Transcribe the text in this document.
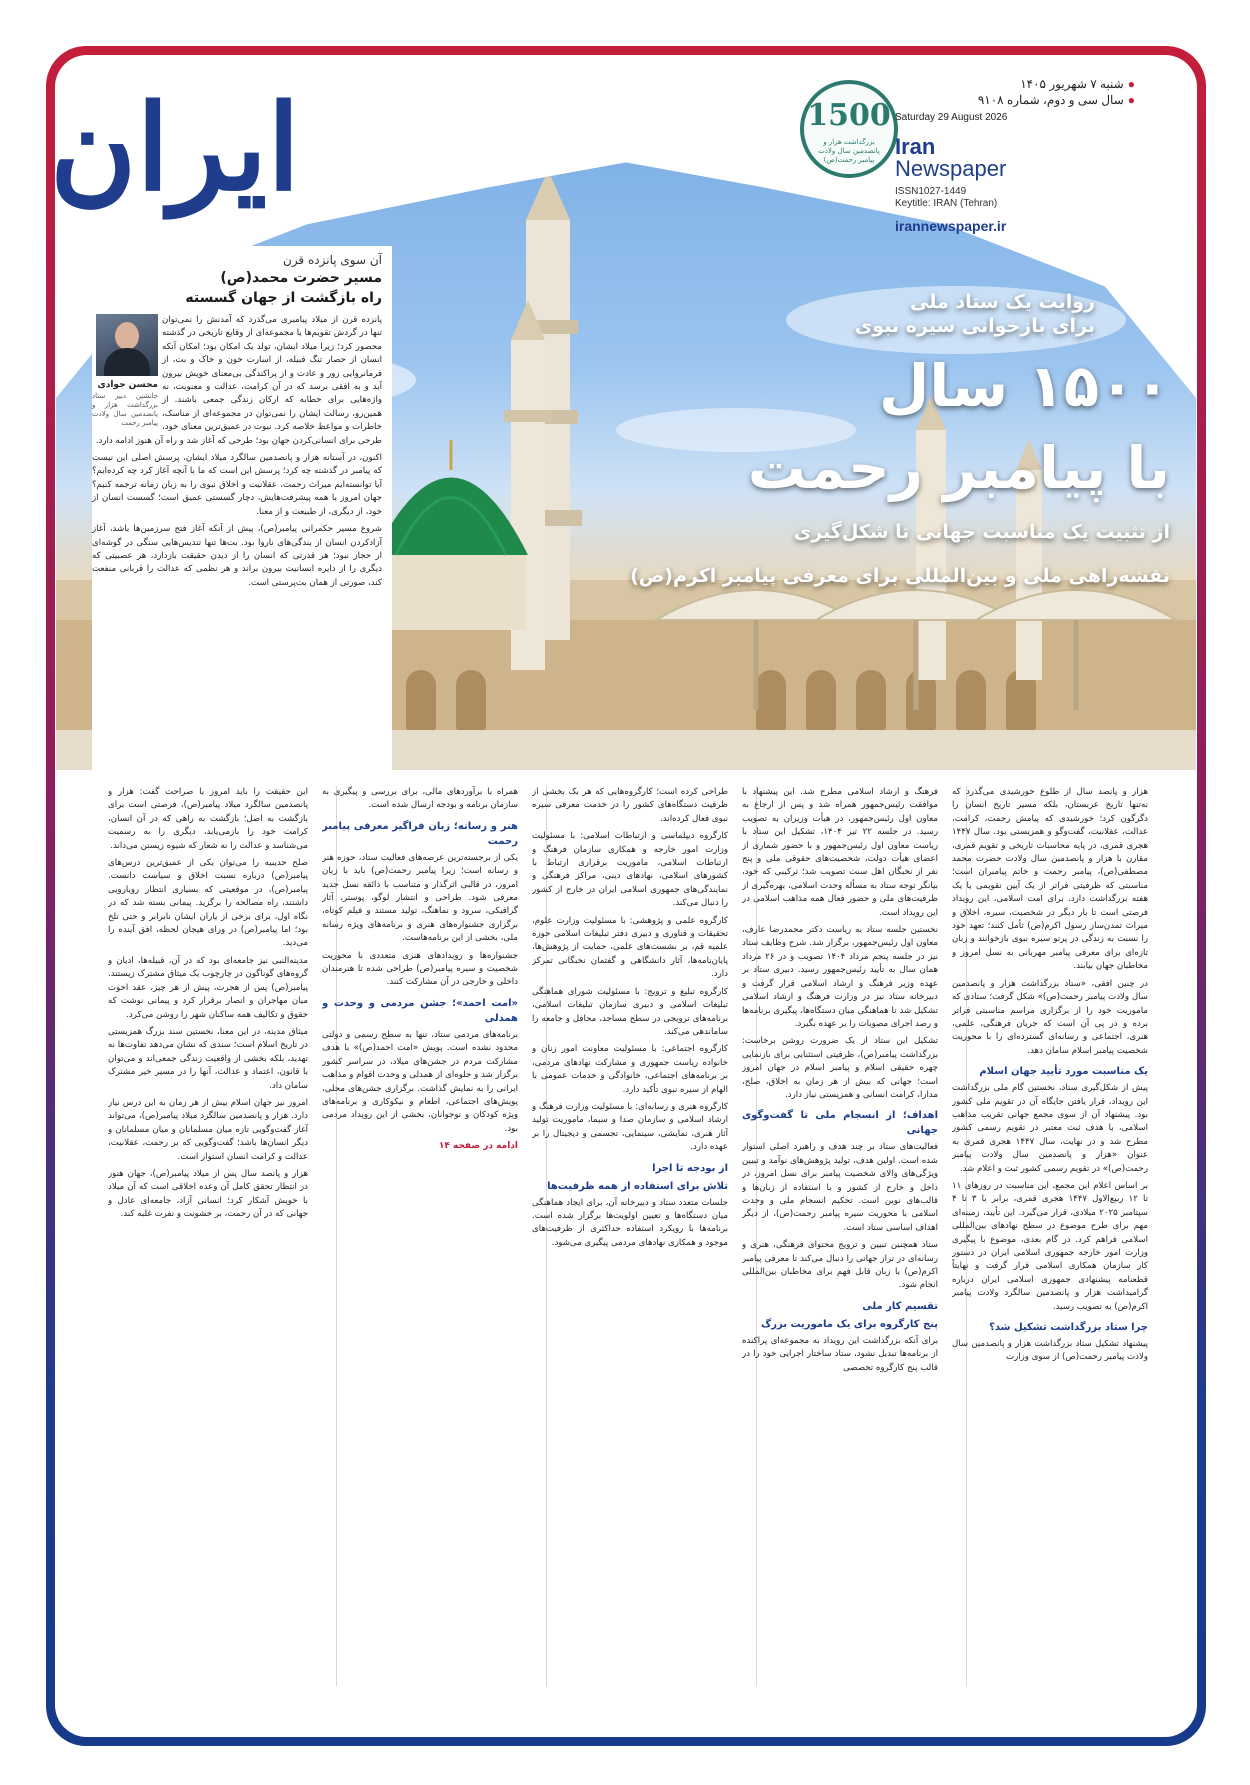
ایران	1500
بزرگداشت هزار و پانصدمین سال ولادت پیامبر رحمت(ص)
●شنبه ۷ شهریور ۱۴۰۵
●سال سی و دوم، شماره ۹۱۰۸
Saturday 29 August 2026
Iran
Newspaper
ISSN1027-1449
Keytitle: IRAN (Tehran)
irannewspaper.ir
روایت یک ستاد ملی
برای بازخوانی سیره نبوی
۱۵۰۰ سال
با پیامبر رحمت
از تثبیت یک مناسبت جهانی تا شکل‌گیری
نقشه‌راهی ملی و بین‌المللی برای معرفی پیامبر اکرم(ص)
آن سوی پانزده قرن
مسیر حضرت محمد(ص)
راه بازگشت از جهان گسسته
محسن جوادی
جانشین دبیر ستاد بزرگداشت هزار و پانصدمین سال ولادت پیامبر رحمت

پانزده قرن از میلاد پیامبری می‌گذرد که آمدنش را نمی‌توان تنها در گردش تقویم‌ها یا مجموعه‌ای از وقایع تاریخی در گذشته محصور کرد؛ زیرا میلاد ایشان، تولد یک امکان بود؛ امکان آنکه انسان از حصار تنگ قبیله، از اسارت خون و خاک و بت، از فرمانروایی زور و عادت و از پراکندگی بی‌معنای خویش بیرون آید و به افقی برسد که در آن کرامت، عدالت و معنویت، نه واژه‌هایی برای خطابه که ارکان زندگی جمعی باشند. از همین‌رو، رسالت ایشان را نمی‌توان در مجموعه‌ای از مناسک، خاطرات و مواعظ خلاصه کرد. نبوت در عمیق‌ترین معنای خود، طرحی برای انسانی‌کردن جهان بود؛ طرحی که آغاز شد و راه آن هنوز ادامه دارد.

اکنون، در آستانه هزار و پانصدمین سالگرد میلاد ایشان، پرسش اصلی این نیست که پیامبر در گذشته چه کرد؛ پرسش این است که ما با آنچه آغاز کرد چه کرده‌ایم؟ آیا توانسته‌ایم میراث رحمت، عقلانیت و اخلاق نبوی را به زبان زمانه ترجمه کنیم؟ جهان امروز با همه پیشرفت‌هایش، دچار گسستی عمیق است؛ گسست انسان از خود، از دیگری، از طبیعت و از معنا.

شروع مسیر حکمرانی پیامبر(ص)، پیش از آنکه آغاز فتح سرزمین‌ها باشد، آغاز آزادکردن انسان از بندگی‌های ناروا بود. بت‌ها تنها تندیس‌هایی سنگی در گوشه‌ای از حجاز نبود؛ هر قدرتی که انسان را از دیدن حقیقت بازدارد، هر عصبیتی که دیگری را از دایره انسانیت بیرون براند و هر نظمی که عدالت را قربانی منفعت کند، صورتی از همان بت‌پرستی است.

هزار و پانصد سال از طلوع خورشیدی می‌گذرد که نه‌تنها تاریخ عربستان، بلکه مسیر تاریخ انسان را دگرگون کرد؛ خورشیدی که پیامش رحمت، کرامت، عدالت، عقلانیت، گفت‌وگو و همزیستی بود. سال ۱۴۴۷ هجری قمری، در پایه محاسبات تاریخی و تقویم قمری، مقارن با هزار و پانصدمین سال ولادت حضرت محمد مصطفی(ص)، پیامبر رحمت و خاتم پیامبران است؛ مناسبتی که ظرفیتی فراتر از یک آیین تقویمی یا یک هفته بزرگداشت دارد. برای امت اسلامی، این رویداد فرصتی است تا بار دیگر در شخصیت، سیره، اخلاق و میراث تمدن‌ساز رسول اکرم(ص) تأمل کنند؛ تعهد خود را نسبت به زندگی در پرتو سیره نبوی بازخوانند و زبان تازه‌ای برای معرفی پیامبر مهربانی به نسل امروز و مخاطبان جهان بیابند.

در چنین افقی، «ستاد بزرگداشت هزار و پانصدمین سال ولادت پیامبر رحمت(ص)» شکل گرفت؛ ستادی که ماموریت خود را از برگزاری مراسم مناسبتی فراتر برده و در پی آن است که جریان فرهنگی، علمی، هنری، اجتماعی و رسانه‌ای گسترده‌ای را با محوریت شخصیت پیامبر اسلام سامان دهد.

یک مناسبت مورد تأیید جهان اسلام

پیش از شکل‌گیری ستاد، نخستین گام ملی بزرگداشت این رویداد، قرار یافتن جایگاه آن در تقویم ملی کشور بود. پیشنهاد آن از سوی مجمع جهانی تقریب مذاهب اسلامی، با هدف ثبت معتبر در تقویم رسمی کشور مطرح شد و در نهایت، سال ۱۴۴۷ هجری قمری به عنوان «هزار و پانصدمین سال ولادت پیامبر رحمت(ص)» در تقویم رسمی کشور ثبت و اعلام شد.

بر اساس اعلام این مجمع، این مناسبت در روزهای ۱۱ تا ۱۲ ربیع‌الاول ۱۴۴۷ هجری قمری، برابر با ۳ تا ۴ سپتامبر ۲۰۲۵ میلادی، قرار می‌گیرد. این تأیید، زمینه‌ای مهم برای طرح موضوع در سطح نهادهای بین‌المللی اسلامی فراهم کرد. در گام بعدی، موضوع با پیگیری وزارت امور خارجه جمهوری اسلامی ایران در دستور کار سازمان همکاری اسلامی قرار گرفت و نهایتاً قطعنامه پیشنهادی جمهوری اسلامی ایران درباره گرامیداشت هزار و پانصدمین سالگرد ولادت پیامبر اکرم(ص) به تصویب رسید.

چرا ستاد بزرگداشت تشکیل شد؟

پیشنهاد تشکیل ستاد بزرگداشت هزار و پانصدمین سال ولادت پیامبر رحمت(ص) از سوی وزارت

فرهنگ و ارشاد اسلامی مطرح شد. این پیشنهاد با موافقت رئیس‌جمهور همراه شد و پس از ارجاع به معاون اول رئیس‌جمهور، در هیأت وزیران به تصویب رسید. در جلسه ۲۲ تیر ۱۴۰۴، تشکیل این ستاد با ریاست معاون اول رئیس‌جمهور و با حضور شماری از اعضای هیأت دولت، شخصیت‌های حقوقی ملی و پنج نفر از نخبگان اهل سنت تصویب شد؛ ترکیبی که خود، بیانگر توجه ستاد به مسأله وحدت اسلامی، بهره‌گیری از ظرفیت‌های ملی و حضور فعال همه مذاهب اسلامی در این رویداد است.

نخستین جلسه ستاد به ریاست دکتر محمدرضا عارف، معاون اول رئیس‌جمهور، برگزار شد. شرح وظایف ستاد نیز در جلسه پنجم مرداد ۱۴۰۴ تصویب و در ۲۶ مرداد همان سال به تأیید رئیس‌جمهور رسید. دبیری ستاد بر عهده وزیر فرهنگ و ارشاد اسلامی قرار گرفت و دبیرخانه ستاد نیز در وزارت فرهنگ و ارشاد اسلامی تشکیل شد تا هماهنگی میان دستگاه‌ها، پیگیری برنامه‌ها و رصد اجرای مصوبات را بر عهده بگیرد.

تشکیل این ستاد از یک ضرورت روشن برخاست: بزرگداشت پیامبر(ص)، ظرفیتی استثنایی برای بازنمایی چهره حقیقی اسلام و پیامبر اسلام در جهان امروز است؛ جهانی که بیش از هر زمان به اخلاق، صلح، مدارا، کرامت انسانی و همزیستی نیاز دارد.

اهداف؛ از انسجام ملی تا گفت‌وگوی جهانی

فعالیت‌های ستاد بر چند هدف و راهبرد اصلی استوار شده است. اولین هدف، تولید پژوهش‌های نوآمد و تبیین ویژگی‌های والای شخصیت پیامبر برای نسل امروز، در داخل و خارج از کشور و با استفاده از زبان‌ها و قالب‌های نوین است. تحکیم انسجام ملی و وحدت اسلامی با محوریت سیره پیامبر رحمت(ص)، از دیگر اهداف اساسی ستاد است.

ستاد همچنین تبیین و ترویج محتوای فرهنگی، هنری و رسانه‌ای در تراز جهانی را دنبال می‌کند تا معرفی پیامبر اکرم(ص) با زبان قابل فهم برای مخاطبان بین‌المللی انجام شود.

تقسیم کار ملی
پنج کارگروه برای یک ماموریت بزرگ

برای آنکه بزرگداشت این رویداد به مجموعه‌ای پراکنده از برنامه‌ها تبدیل نشود، ستاد ساختار اجرایی خود را در قالب پنج کارگروه تخصصی

طراحی کرده است؛ کارگروه‌هایی که هر یک بخشی از ظرفیت دستگاه‌های کشور را در خدمت معرفی سیره نبوی فعال کرده‌اند.

کارگروه دیپلماسی و ارتباطات اسلامی: با مسئولیت وزارت امور خارجه و همکاری سازمان فرهنگ و ارتباطات اسلامی، ماموریت برقراری ارتباط با کشورهای اسلامی، نهادهای دینی، مراکز فرهنگی و نمایندگی‌های جمهوری اسلامی ایران در خارج از کشور را دنبال می‌کند.

کارگروه علمی و پژوهشی: با مسئولیت وزارت علوم، تحقیقات و فناوری و دبیری دفتر تبلیغات اسلامی حوزه علمیه قم، بر نشست‌های علمی، حمایت از پژوهش‌ها، پایان‌نامه‌ها، آثار دانشگاهی و گفتمان نخبگانی تمرکز دارد.

کارگروه تبلیغ و ترویج: با مسئولیت شورای هماهنگی تبلیغات اسلامی و دبیری سازمان تبلیغات اسلامی، برنامه‌های ترویجی در سطح مساجد، محافل و جامعه را ساماندهی می‌کند.

کارگروه اجتماعی: با مسئولیت معاونت امور زنان و خانواده ریاست جمهوری و مشارکت نهادهای مردمی، بر برنامه‌های اجتماعی، خانوادگی و خدمات عمومی با الهام از سیره نبوی تأکید دارد.

کارگروه هنری و رسانه‌ای: با مسئولیت وزارت فرهنگ و ارشاد اسلامی و سازمان صدا و سیما، ماموریت تولید آثار هنری، نمایشی، سینمایی، تجسمی و دیجیتال را بر عهده دارد.

از بودجه تا اجرا
تلاش برای استفاده از همه ظرفیت‌ها

جلسات متعدد ستاد و دبیرخانه آن، برای ایجاد هماهنگی میان دستگاه‌ها و تعیین اولویت‌ها برگزار شده است. برنامه‌ها با رویکرد استفاده حداکثری از ظرفیت‌های موجود و همکاری نهادهای مردمی پیگیری می‌شود.

همراه با برآوردهای مالی، برای بررسی و پیگیری به سازمان برنامه و بودجه ارسال شده است.

هنر و رسانه؛ زبان فراگیر معرفی پیامبر رحمت

یکی از برجسته‌ترین عرصه‌های فعالیت ستاد، حوزه هنر و رسانه است؛ زیرا پیامبر رحمت(ص) باید با زبان امروز، در قالبی اثرگذار و متناسب با ذائقه نسل جدید معرفی شود. طراحی و انتشار لوگو، پوستر، آثار گرافیکی، سرود و نماهنگ، تولید مستند و فیلم کوتاه، برگزاری جشنواره‌های هنری و برنامه‌های ویژه رسانه ملی، بخشی از این برنامه‌هاست.

جشنواره‌ها و رویدادهای هنری متعددی با محوریت شخصیت و سیره پیامبر(ص) طراحی شده تا هنرمندان داخلی و خارجی در آن مشارکت کنند.

«امت احمد»؛ جشن مردمی و وحدت و همدلی

برنامه‌های مردمی ستاد، تنها به سطح رسمی و دولتی محدود نشده است. پویش «امت احمد(ص)» با هدف مشارکت مردم در جشن‌های میلاد، در سراسر کشور برگزار شد و جلوه‌ای از همدلی و وحدت اقوام و مذاهب ایرانی را به نمایش گذاشت. برگزاری جشن‌های محلی، پویش‌های اجتماعی، اطعام و نیکوکاری و برنامه‌های ویژه کودکان و نوجوانان، بخشی از این رویداد مردمی بود.

ادامه در صفحه ۱۴

این حقیقت را باید امروز با صراحت گفت: هزار و پانصدمین سالگرد میلاد پیامبر(ص)، فرصتی است برای بازگشت به اصل؛ بازگشت به راهی که در آن انسان، کرامت خود را بازمی‌یابد، دیگری را به رسمیت می‌شناسد و عدالت را نه شعار که شیوه زیستن می‌داند.

صلح حدیبیه را می‌توان یکی از عمیق‌ترین درس‌های پیامبر(ص) درباره نسبت اخلاق و سیاست دانست. پیامبر(ص)، در موقعیتی که بسیاری انتظار رویارویی داشتند، راه مصالحه را برگزید. پیمانی بسته شد که در نگاه اول، برای برخی از یاران ایشان نابرابر و حتی تلخ بود؛ اما پیامبر(ص) در ورای هیجان لحظه، افق آینده را می‌دید.

مدینه‌النبی نیز جامعه‌ای بود که در آن، قبیله‌ها، ادیان و گروه‌های گوناگون در چارچوب یک میثاق مشترک زیستند. پیامبر(ص) پس از هجرت، پیش از هر چیز، عقد اخوت میان مهاجران و انصار برقرار کرد و پیمانی نوشت که حقوق و تکالیف همه ساکنان شهر را روشن می‌کرد.

میثاق مدینه، در این معنا، نخستین سند بزرگ همزیستی در تاریخ اسلام است؛ سندی که نشان می‌دهد تفاوت‌ها نه تهدید، بلکه بخشی از واقعیت زندگی جمعی‌اند و می‌توان با قانون، اعتماد و عدالت، آنها را در مسیر خیر مشترک سامان داد.

امروز نیز جهان اسلام بیش از هر زمان به این درس نیاز دارد. هزار و پانصدمین سالگرد میلاد پیامبر(ص)، می‌تواند آغاز گفت‌وگویی تازه میان مسلمانان و میان مسلمانان و دیگر انسان‌ها باشد؛ گفت‌وگویی که بر رحمت، عقلانیت، عدالت و کرامت انسان استوار است.

هزار و پانصد سال پس از میلاد پیامبر(ص)، جهان هنوز در انتظار تحقق کامل آن وعده اخلاقی است که آن میلاد با خویش آشکار کرد؛ انسانی آزاد، جامعه‌ای عادل و جهانی که در آن رحمت، بر خشونت و نفرت غلبه کند.
